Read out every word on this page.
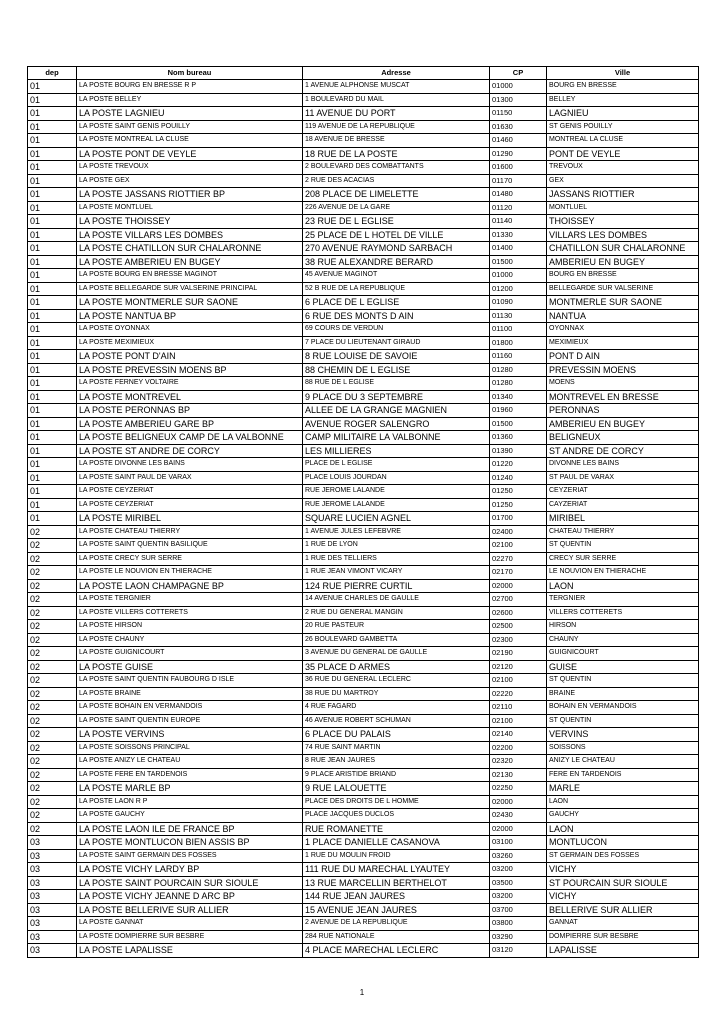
dep	Nom bureau	Adresse	CP	Ville
01	LA POSTE BOURG EN BRESSE R P	1 AVENUE ALPHONSE MUSCAT	01000	BOURG EN BRESSE
01	LA POSTE BELLEY	1 BOULEVARD DU MAIL	01300	BELLEY
01	LA POSTE LAGNIEU	11 AVENUE DU PORT	01150	LAGNIEU
01	LA POSTE SAINT GENIS POUILLY	119 AVENUE DE LA REPUBLIQUE	01630	ST GENIS POUILLY
01	LA POSTE MONTREAL LA CLUSE	18 AVENUE DE BRESSE	01460	MONTREAL LA CLUSE
01	LA POSTE PONT DE VEYLE	18 RUE DE LA POSTE	01290	PONT DE VEYLE
01	LA POSTE TREVOUX	2 BOULEVARD DES COMBATTANTS	01600	TREVOUX
01	LA POSTE GEX	2 RUE DES ACACIAS	01170	GEX
01	LA POSTE JASSANS RIOTTIER BP	208 PLACE DE LIMELETTE	01480	JASSANS RIOTTIER
01	LA POSTE MONTLUEL	226 AVENUE DE LA GARE	01120	MONTLUEL
01	LA POSTE THOISSEY	23 RUE DE L EGLISE	01140	THOISSEY
01	LA POSTE VILLARS LES DOMBES	25 PLACE DE L HOTEL DE VILLE	01330	VILLARS LES DOMBES
01	LA POSTE CHATILLON SUR CHALARONNE	270 AVENUE RAYMOND SARBACH	01400	CHATILLON SUR CHALARONNE
01	LA POSTE AMBERIEU EN BUGEY	38 RUE ALEXANDRE BERARD	01500	AMBERIEU EN BUGEY
01	LA POSTE BOURG EN BRESSE MAGINOT	45 AVENUE MAGINOT	01000	BOURG EN BRESSE
01	LA POSTE BELLEGARDE SUR VALSERINE PRINCIPAL	52 B RUE DE LA REPUBLIQUE	01200	BELLEGARDE SUR VALSERINE
01	LA POSTE MONTMERLE SUR SAONE	6 PLACE DE L EGLISE	01090	MONTMERLE SUR SAONE
01	LA POSTE NANTUA BP	6 RUE DES MONTS D AIN	01130	NANTUA
01	LA POSTE OYONNAX	69 COURS DE VERDUN	01100	OYONNAX
01	LA POSTE MEXIMIEUX	7 PLACE DU LIEUTENANT GIRAUD	01800	MEXIMIEUX
01	LA POSTE PONT D'AIN	8 RUE LOUISE DE SAVOIE	01160	PONT D AIN
01	LA POSTE PREVESSIN MOENS BP	88 CHEMIN DE L EGLISE	01280	PREVESSIN MOENS
01	LA POSTE FERNEY VOLTAIRE	88 RUE DE L EGLISE	01280	MOENS
01	LA POSTE MONTREVEL	9 PLACE DU 3 SEPTEMBRE	01340	MONTREVEL EN BRESSE
01	LA POSTE PERONNAS BP	ALLEE DE LA GRANGE MAGNIEN	01960	PERONNAS
01	LA POSTE AMBERIEU GARE BP	AVENUE ROGER SALENGRO	01500	AMBERIEU EN BUGEY
01	LA POSTE BELIGNEUX CAMP DE LA VALBONNE	CAMP MILITAIRE LA VALBONNE	01360	BELIGNEUX
01	LA POSTE ST ANDRE DE CORCY	LES MILLIERES	01390	ST ANDRE DE CORCY
01	LA POSTE DIVONNE LES BAINS	PLACE DE L EGLISE	01220	DIVONNE LES BAINS
01	LA POSTE SAINT PAUL DE VARAX	PLACE LOUIS JOURDAN	01240	ST PAUL DE VARAX
01	LA POSTE CEYZERIAT	RUE JEROME LALANDE	01250	CEYZERIAT
01	LA POSTE CEYZERIAT	RUE JEROME LALANDE	01250	CAYZERIAT
01	LA POSTE MIRIBEL	SQUARE LUCIEN AGNEL	01700	MIRIBEL
02	LA POSTE CHATEAU THIERRY	1 AVENUE JULES LEFEBVRE	02400	CHATEAU THIERRY
02	LA POSTE SAINT QUENTIN BASILIQUE	1 RUE DE LYON	02100	ST QUENTIN
02	LA POSTE CRECY SUR SERRE	1 RUE DES TELLIERS	02270	CRECY SUR SERRE
02	LA POSTE LE NOUVION EN THIERACHE	1 RUE JEAN VIMONT VICARY	02170	LE NOUVION EN THIERACHE
02	LA POSTE LAON CHAMPAGNE BP	124 RUE PIERRE CURTIL	02000	LAON
02	LA POSTE TERGNIER	14 AVENUE CHARLES DE GAULLE	02700	TERGNIER
02	LA POSTE VILLERS COTTERETS	2 RUE DU GENERAL MANGIN	02600	VILLERS COTTERETS
02	LA POSTE HIRSON	20 RUE PASTEUR	02500	HIRSON
02	LA POSTE CHAUNY	26 BOULEVARD GAMBETTA	02300	CHAUNY
02	LA POSTE GUIGNICOURT	3 AVENUE DU GENERAL DE GAULLE	02190	GUIGNICOURT
02	LA POSTE GUISE	35 PLACE D ARMES	02120	GUISE
02	LA POSTE SAINT QUENTIN FAUBOURG D ISLE	36 RUE DU GENERAL LECLERC	02100	ST QUENTIN
02	LA POSTE BRAINE	38 RUE DU MARTROY	02220	BRAINE
02	LA POSTE BOHAIN EN VERMANDOIS	4 RUE FAGARD	02110	BOHAIN EN VERMANDOIS
02	LA POSTE SAINT QUENTIN EUROPE	46 AVENUE ROBERT SCHUMAN	02100	ST QUENTIN
02	LA POSTE VERVINS	6 PLACE DU PALAIS	02140	VERVINS
02	LA POSTE SOISSONS PRINCIPAL	74 RUE SAINT MARTIN	02200	SOISSONS
02	LA POSTE ANIZY LE CHATEAU	8 RUE JEAN JAURES	02320	ANIZY LE CHATEAU
02	LA POSTE FERE EN TARDENOIS	9 PLACE ARISTIDE BRIAND	02130	FERE EN TARDENOIS
02	LA POSTE MARLE BP	9 RUE LALOUETTE	02250	MARLE
02	LA POSTE LAON R P	PLACE DES DROITS DE L HOMME	02000	LAON
02	LA POSTE GAUCHY	PLACE JACQUES DUCLOS	02430	GAUCHY
02	LA POSTE LAON ILE DE FRANCE BP	RUE ROMANETTE	02000	LAON
03	LA POSTE MONTLUCON BIEN ASSIS BP	1 PLACE DANIELLE CASANOVA	03100	MONTLUCON
03	LA POSTE SAINT GERMAIN DES FOSSES	1 RUE DU MOULIN FROID	03260	ST GERMAIN DES FOSSES
03	LA POSTE VICHY LARDY BP	111 RUE DU MARECHAL LYAUTEY	03200	VICHY
03	LA POSTE SAINT POURCAIN SUR SIOULE	13 RUE MARCELLIN BERTHELOT	03500	ST POURCAIN SUR SIOULE
03	LA POSTE VICHY JEANNE D ARC BP	144 RUE JEAN JAURES	03200	VICHY
03	LA POSTE BELLERIVE SUR ALLIER	15 AVENUE JEAN JAURES	03700	BELLERIVE SUR ALLIER
03	LA POSTE GANNAT	2 AVENUE DE LA REPUBLIQUE	03800	GANNAT
03	LA POSTE DOMPIERRE SUR BESBRE	284 RUE NATIONALE	03290	DOMPIERRE SUR BESBRE
03	LA POSTE LAPALISSE	4 PLACE MARECHAL LECLERC	03120	LAPALISSE
1
